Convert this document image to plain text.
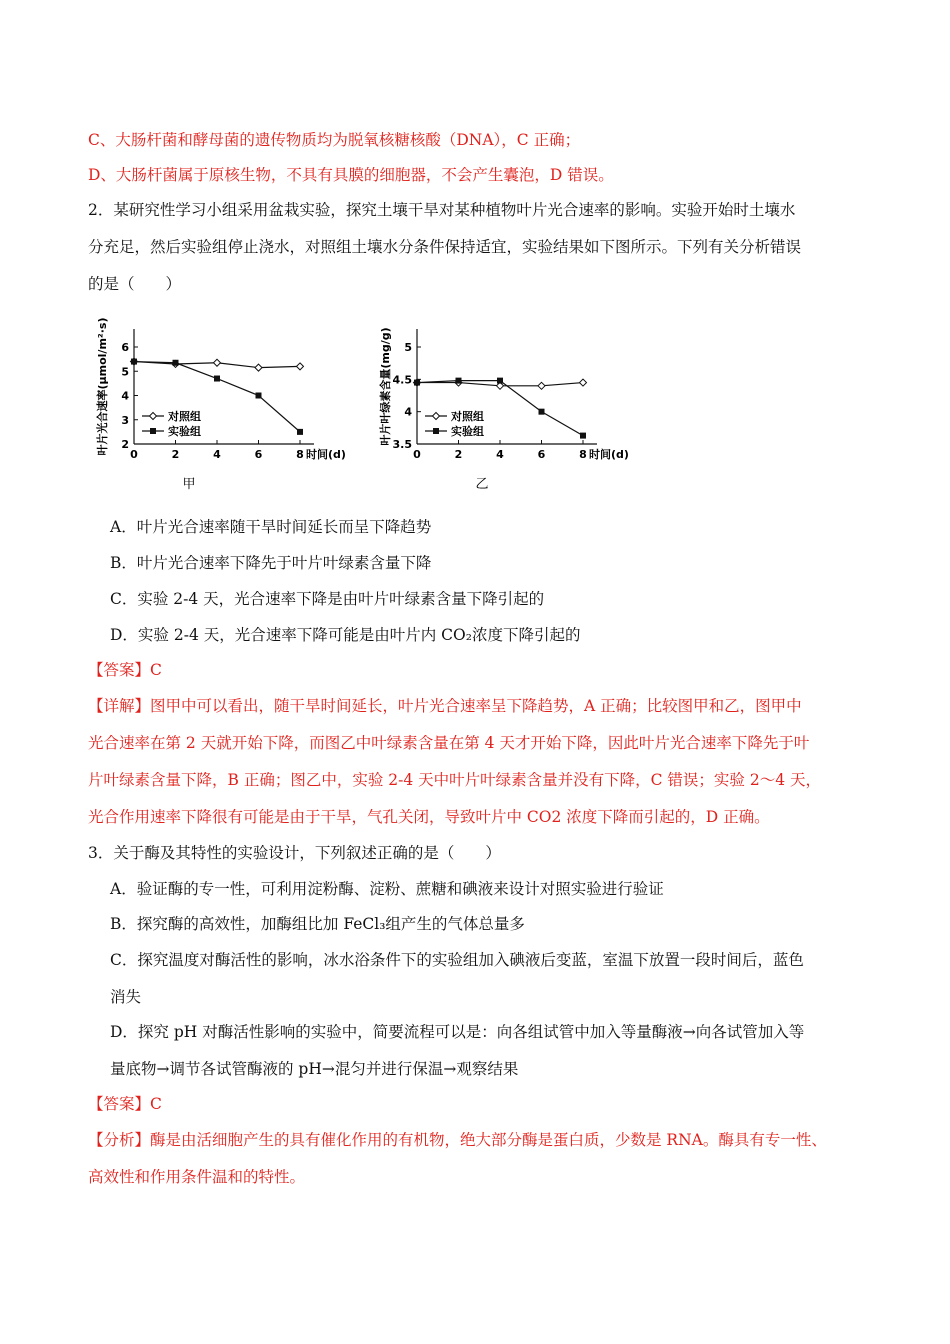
C、大肠杆菌和酵母菌的遗传物质均为脱氧核糖核酸（DNA），C 正确；
D、大肠杆菌属于原核生物，不具有具膜的细胞器，不会产生囊泡，D 错误。
2．某研究性学习小组采用盆栽实验，探究土壤干旱对某种植物叶片光合速率的影响。实验开始时土壤水
分充足，然后实验组停止浇水，对照组土壤水分条件保持适宜，实验结果如下图所示。下列有关分析错误
的是（　　）
0	2	4	6	8 时间(d)
2
3
4
5
6
叶片光合速率(μmol/m²·s)	对照组
实验组
甲
0	2	4	6	8 时间(d)
3.5
4
4.5
5
叶片叶绿素含量(mg/g)	对照组
实验组
乙
A．叶片光合速率随干旱时间延长而呈下降趋势
B．叶片光合速率下降先于叶片叶绿素含量下降
C．实验 2-4 天，光合速率下降是由叶片叶绿素含量下降引起的
D．实验 2-4 天，光合速率下降可能是由叶片内 CO₂浓度下降引起的
【答案】C
【详解】图甲中可以看出，随干旱时间延长，叶片光合速率呈下降趋势，A 正确；比较图甲和乙，图甲中
光合速率在第 2 天就开始下降，而图乙中叶绿素含量在第 4 天才开始下降，因此叶片光合速率下降先于叶
片叶绿素含量下降，B 正确；图乙中，实验 2-4 天中叶片叶绿素含量并没有下降，C 错误；实验 2～4 天，
光合作用速率下降很有可能是由于干旱，气孔关闭，导致叶片中 CO2 浓度下降而引起的，D 正确。
3．关于酶及其特性的实验设计，下列叙述正确的是（　　）
A．验证酶的专一性，可利用淀粉酶、淀粉、蔗糖和碘液来设计对照实验进行验证
B．探究酶的高效性，加酶组比加 FeCl₃组产生的气体总量多
C．探究温度对酶活性的影响，冰水浴条件下的实验组加入碘液后变蓝，室温下放置一段时间后，蓝色
消失
D．探究 pH 对酶活性影响的实验中，简要流程可以是：向各组试管中加入等量酶液→向各试管加入等
量底物→调节各试管酶液的 pH→混匀并进行保温→观察结果
【答案】C
【分析】酶是由活细胞产生的具有催化作用的有机物，绝大部分酶是蛋白质，少数是 RNA。酶具有专一性、
高效性和作用条件温和的特性。
